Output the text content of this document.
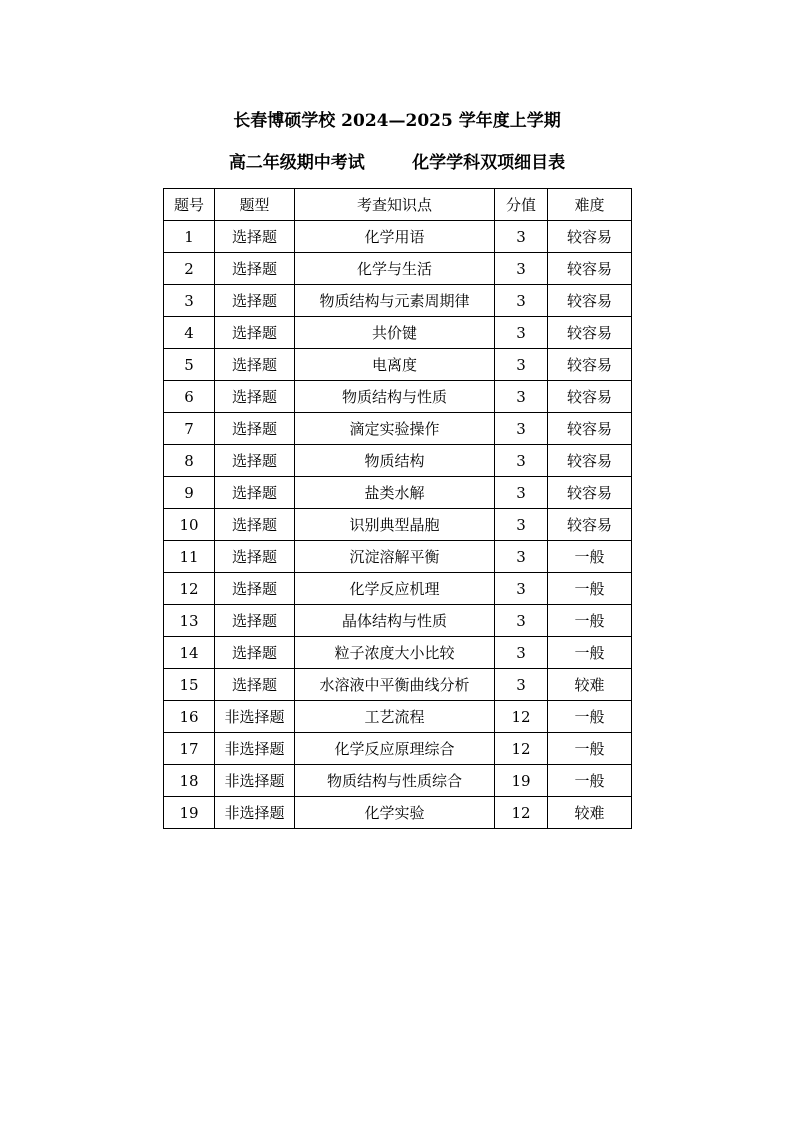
长春博硕学校 2024—2025 学年度上学期
高二年级期中考试        化学学科双项细目表
题号	题型	考查知识点	分值	难度
1	选择题	化学用语	3	较容易
2	选择题	化学与生活	3	较容易
3	选择题	物质结构与元素周期律	3	较容易
4	选择题	共价键	3	较容易
5	选择题	电离度	3	较容易
6	选择题	物质结构与性质	3	较容易
7	选择题	滴定实验操作	3	较容易
8	选择题	物质结构	3	较容易
9	选择题	盐类水解	3	较容易
10	选择题	识别典型晶胞	3	较容易
11	选择题	沉淀溶解平衡	3	一般
12	选择题	化学反应机理	3	一般
13	选择题	晶体结构与性质	3	一般
14	选择题	粒子浓度大小比较	3	一般
15	选择题	水溶液中平衡曲线分析	3	较难
16	非选择题	工艺流程	12	一般
17	非选择题	化学反应原理综合	12	一般
18	非选择题	物质结构与性质综合	19	一般
19	非选择题	化学实验	12	较难
